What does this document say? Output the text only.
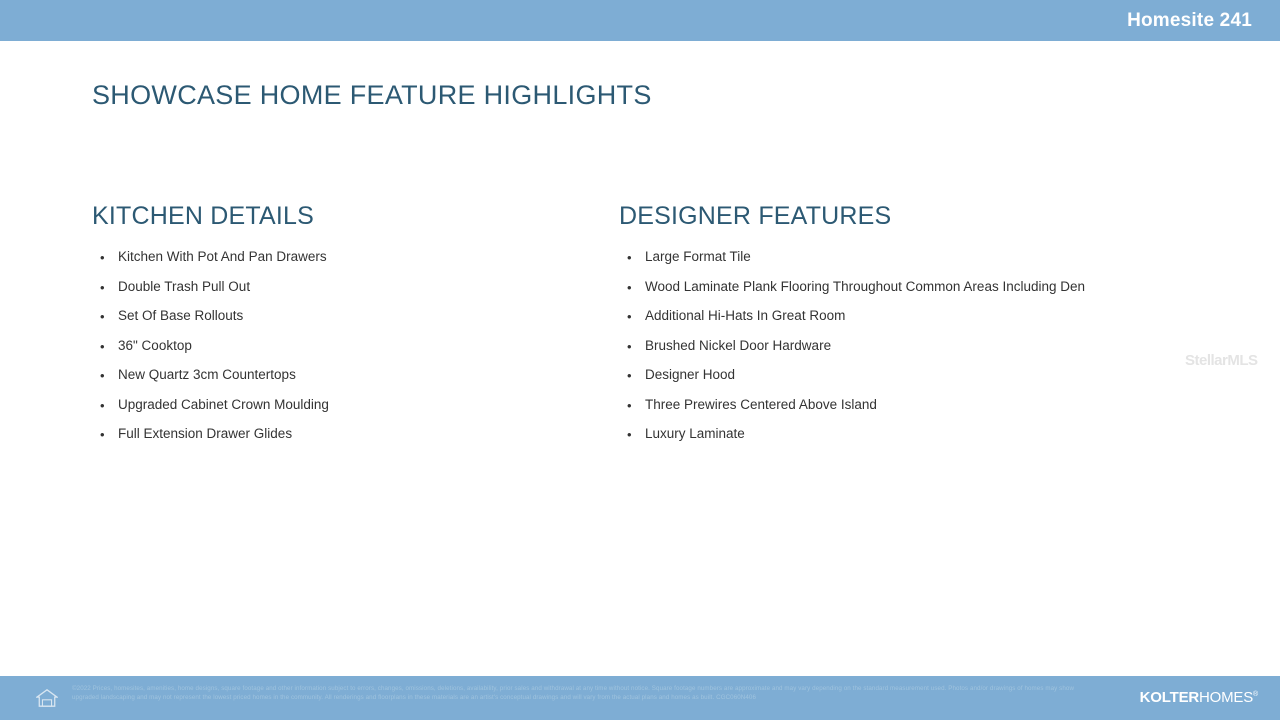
Homesite 241
SHOWCASE HOME FEATURE HIGHLIGHTS
KITCHEN DETAILS
• Kitchen With Pot And Pan Drawers
• Double Trash Pull Out
• Set Of Base Rollouts
• 36" Cooktop
• New Quartz 3cm Countertops
• Upgraded Cabinet Crown Moulding
• Full Extension Drawer Glides
DESIGNER FEATURES
• Large Format Tile
• Wood Laminate Plank Flooring Throughout Common Areas Including Den
• Additional Hi-Hats In Great Room
• Brushed Nickel Door Hardware
• Designer Hood
• Three Prewires Centered Above Island
• Luxury Laminate
StellarMLS
©2022 Prices, homesites, amenities, home designs, square footage and other information subject to errors, changes, omissions, deletions, availability, prior sales and withdrawal at any time without notice. Square footage numbers are approximate and may vary depending on the standard measurement used. Photos and/or drawings of homes may show upgraded landscaping and may not represent the lowest priced homes in the community. All renderings and floorplans in these materials are an artist's conceptual drawings and will vary from the actual plans and homes as built. CGC060N406	KOLTERHOMES®
